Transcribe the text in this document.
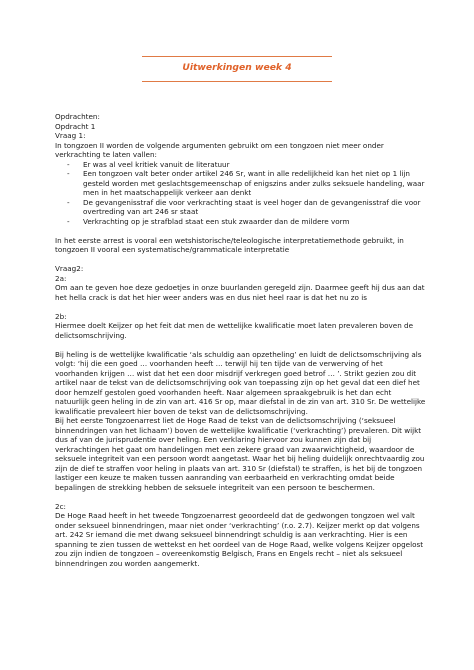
Uitwerkingen week 4

Opdrachten:

Opdracht 1

Vraag 1:

In tongzoen II worden de volgende argumenten gebruikt om een tongzoen niet meer onder verkrachting te laten vallen:

- Er was al veel kritiek vanuit de literatuur
- Een tongzoen valt beter onder artikel 246 Sr, want in alle redelijkheid kan het niet op 1 lijn gesteld worden met geslachtsgemeenschap of enigszins ander zulks seksuele handeling, waar men in het maatschappelijk verkeer aan denkt
- De gevangenisstraf die voor verkrachting staat is veel hoger dan de gevangenisstraf die voor overtreding van art 246 sr staat
- Verkrachting op je strafblad staat een stuk zwaarder dan de mildere vorm

In het eerste arrest is vooral een wetshistorische/teleologische interpretatiemethode gebruikt, in tongzoen II vooral een systematische/grammaticale interpretatie

Vraag2:

2a:

Om aan te geven hoe deze gedoetjes in onze buurlanden geregeld zijn. Daarmee geeft hij dus aan dat het hella crack is dat het hier weer anders was en dus niet heel raar is dat het nu zo is

2b:

Hiermee doelt Keijzer op het feit dat men de wettelijke kwalificatie moet laten prevaleren boven de delictsomschrijving.

Bij heling is de wettelijke kwalificatie ‘als schuldig aan opzetheling’ en luidt de delictsomschrijving als volgt: ‘hij die een goed … voorhanden heeft … terwijl hij ten tijde van de verwerving of het voorhanden krijgen … wist dat het een door misdrijf verkregen goed betrof … ’. Strikt gezien zou dit artikel naar de tekst van de delictsomschrijving ook van toepassing zijn op het geval dat een dief het door hemzelf gestolen goed voorhanden heeft. Naar algemeen spraakgebruik is het dan echt natuurlijk geen heling in de zin van art. 416 Sr op, maar diefstal in de zin van art. 310 Sr. De wettelijke kwalificatie prevaleert hier boven de tekst van de delictsomschrijving.

Bij het eerste Tongzoenarrest liet de Hoge Raad de tekst van de delictsomschrijving (‘seksueel binnendringen van het lichaam’) boven de wettelijke kwalificatie (‘verkrachting’) prevaleren. Dit wijkt dus af van de jurisprudentie over heling. Een verklaring hiervoor zou kunnen zijn dat bij verkrachtingen het gaat om handelingen met een zekere graad van zwaarwichtigheid, waardoor de seksuele integriteit van een persoon wordt aangetast. Waar het bij heling duidelijk onrechtvaardig zou zijn de dief te straffen voor heling in plaats van art. 310 Sr (diefstal) te straffen, is het bij de tongzoen lastiger een keuze te maken tussen aanranding van eerbaarheid en verkrachting omdat beide bepalingen de strekking hebben de seksuele integriteit van een persoon te beschermen.

2c:

De Hoge Raad heeft in het tweede Tongzoenarrest geoordeeld dat de gedwongen tongzoen wel valt onder seksueel binnendringen, maar niet onder ‘verkrachting’ (r.o. 2.7). Keijzer merkt op dat volgens art. 242 Sr iemand die met dwang seksueel binnendringt schuldig is aan verkrachting. Hier is een spanning te zien tussen de wettekst en het oordeel van de Hoge Raad, welke volgens Keijzer opgelost zou zijn indien de tongzoen – overeenkomstig Belgisch, Frans en Engels recht – niet als seksueel binnendringen zou worden aangemerkt.
